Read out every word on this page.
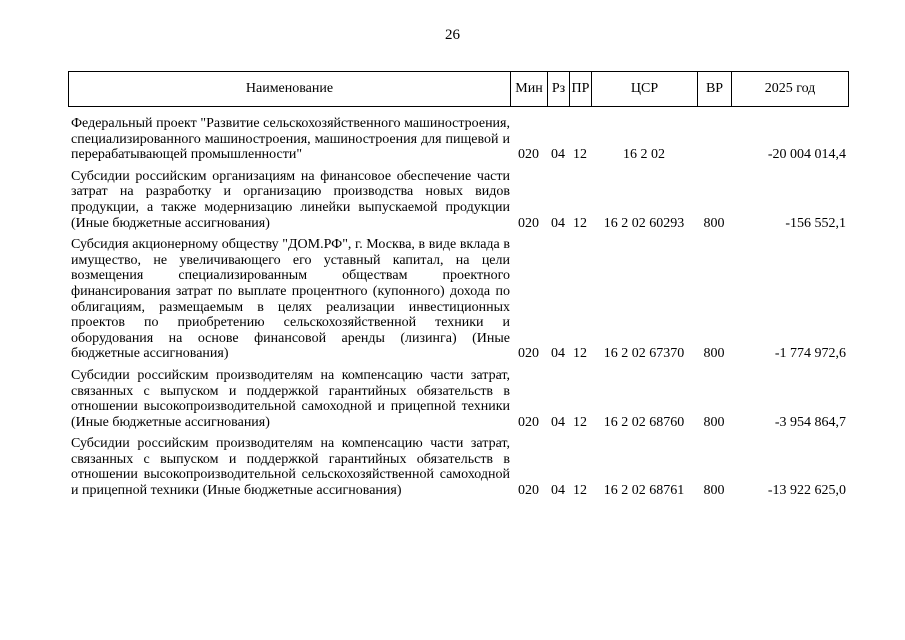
26
Наименование	Мин	Рз	ПР	ЦСР	ВР	2025 год
Федеральный проект "Развитие сельскохозяйственного машиностроения, специализированного машиностроения, машиностроения для пищевой и перерабатывающей промышленности"	020	04	12	16 2 02		-20 004 014,4
Субсидии российским организациям на финансовое обеспечение части затрат на разработку и организацию производства новых видов продукции, а также модернизацию линейки выпускаемой продукции (Иные бюджетные ассигнования)	020	04	12	16 2 02 60293	800	-156 552,1
Субсидия акционерному обществу "ДОМ.РФ", г. Москва, в виде вклада в имущество, не увеличивающего его уставный капитал, на цели возмещения специализированным обществам проектного финансирования затрат по выплате процентного (купонного) дохода по облигациям, размещаемым в целях реализации инвестиционных проектов по приобретению сельскохозяйственной техники и оборудования на основе финансовой аренды (лизинга) (Иные бюджетные ассигнования)	020	04	12	16 2 02 67370	800	-1 774 972,6
Субсидии российским производителям на компенсацию части затрат, связанных с выпуском и поддержкой гарантийных обязательств в отношении высокопроизводительной самоходной и прицепной техники (Иные бюджетные ассигнования)	020	04	12	16 2 02 68760	800	-3 954 864,7
Субсидии российским производителям на компенсацию части затрат, связанных с выпуском и поддержкой гарантийных обязательств в отношении высокопроизводительной сельскохозяйственной самоходной и прицепной техники (Иные бюджетные ассигнования)	020	04	12	16 2 02 68761	800	-13 922 625,0
